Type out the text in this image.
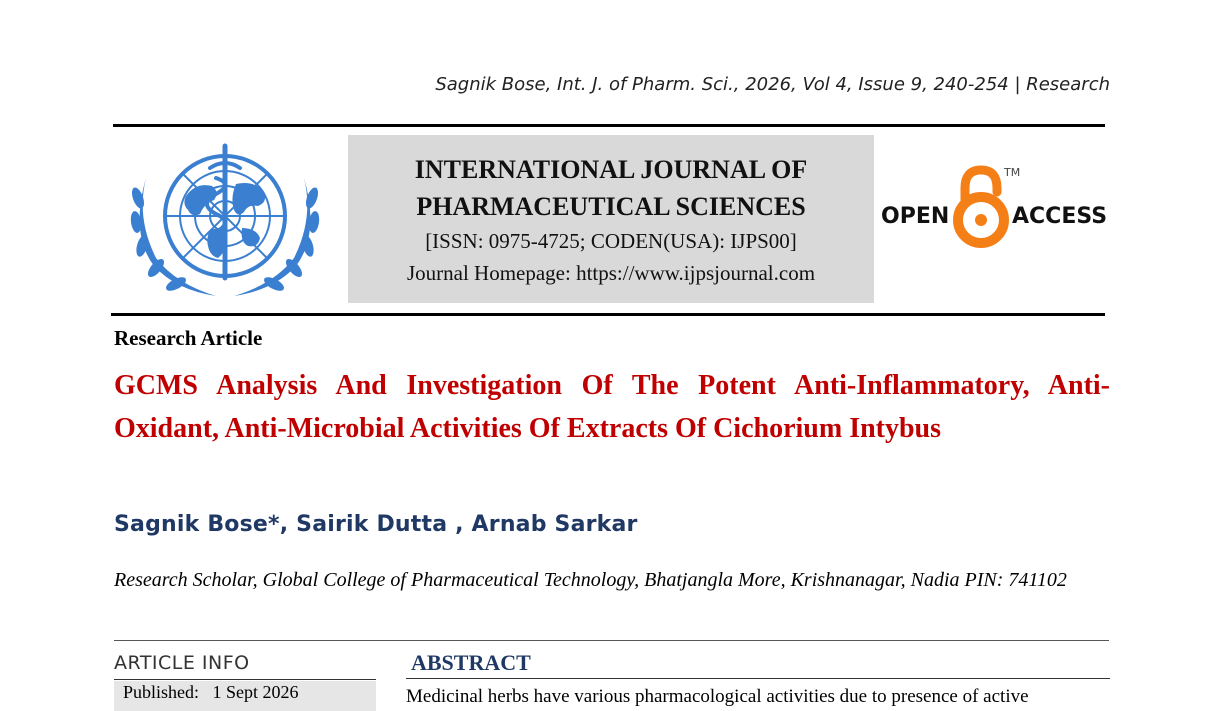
Sagnik Bose, Int. J. of Pharm. Sci., 2026, Vol 4, Issue 9, 240-254 | Research
INTERNATIONAL JOURNAL OF
PHARMACEUTICAL SCIENCES
[ISSN: 0975-4725; CODEN(USA): IJPS00]
Journal Homepage: https://www.ijpsjournal.com
OPEN
TM
ACCESS
Research Article
GCMS Analysis And Investigation Of The Potent Anti-Inflammatory, Anti-Oxidant, Anti-Microbial Activities Of Extracts Of Cichorium Intybus
Sagnik Bose*, Sairik Dutta , Arnab Sarkar
Research Scholar, Global College of Pharmaceutical Technology, Bhatjangla More, Krishnanagar, Nadia PIN: 741102
ARTICLE INFO
Published: 1 Sept 2026
ABSTRACT
Medicinal herbs have various pharmacological activities due to presence of active
